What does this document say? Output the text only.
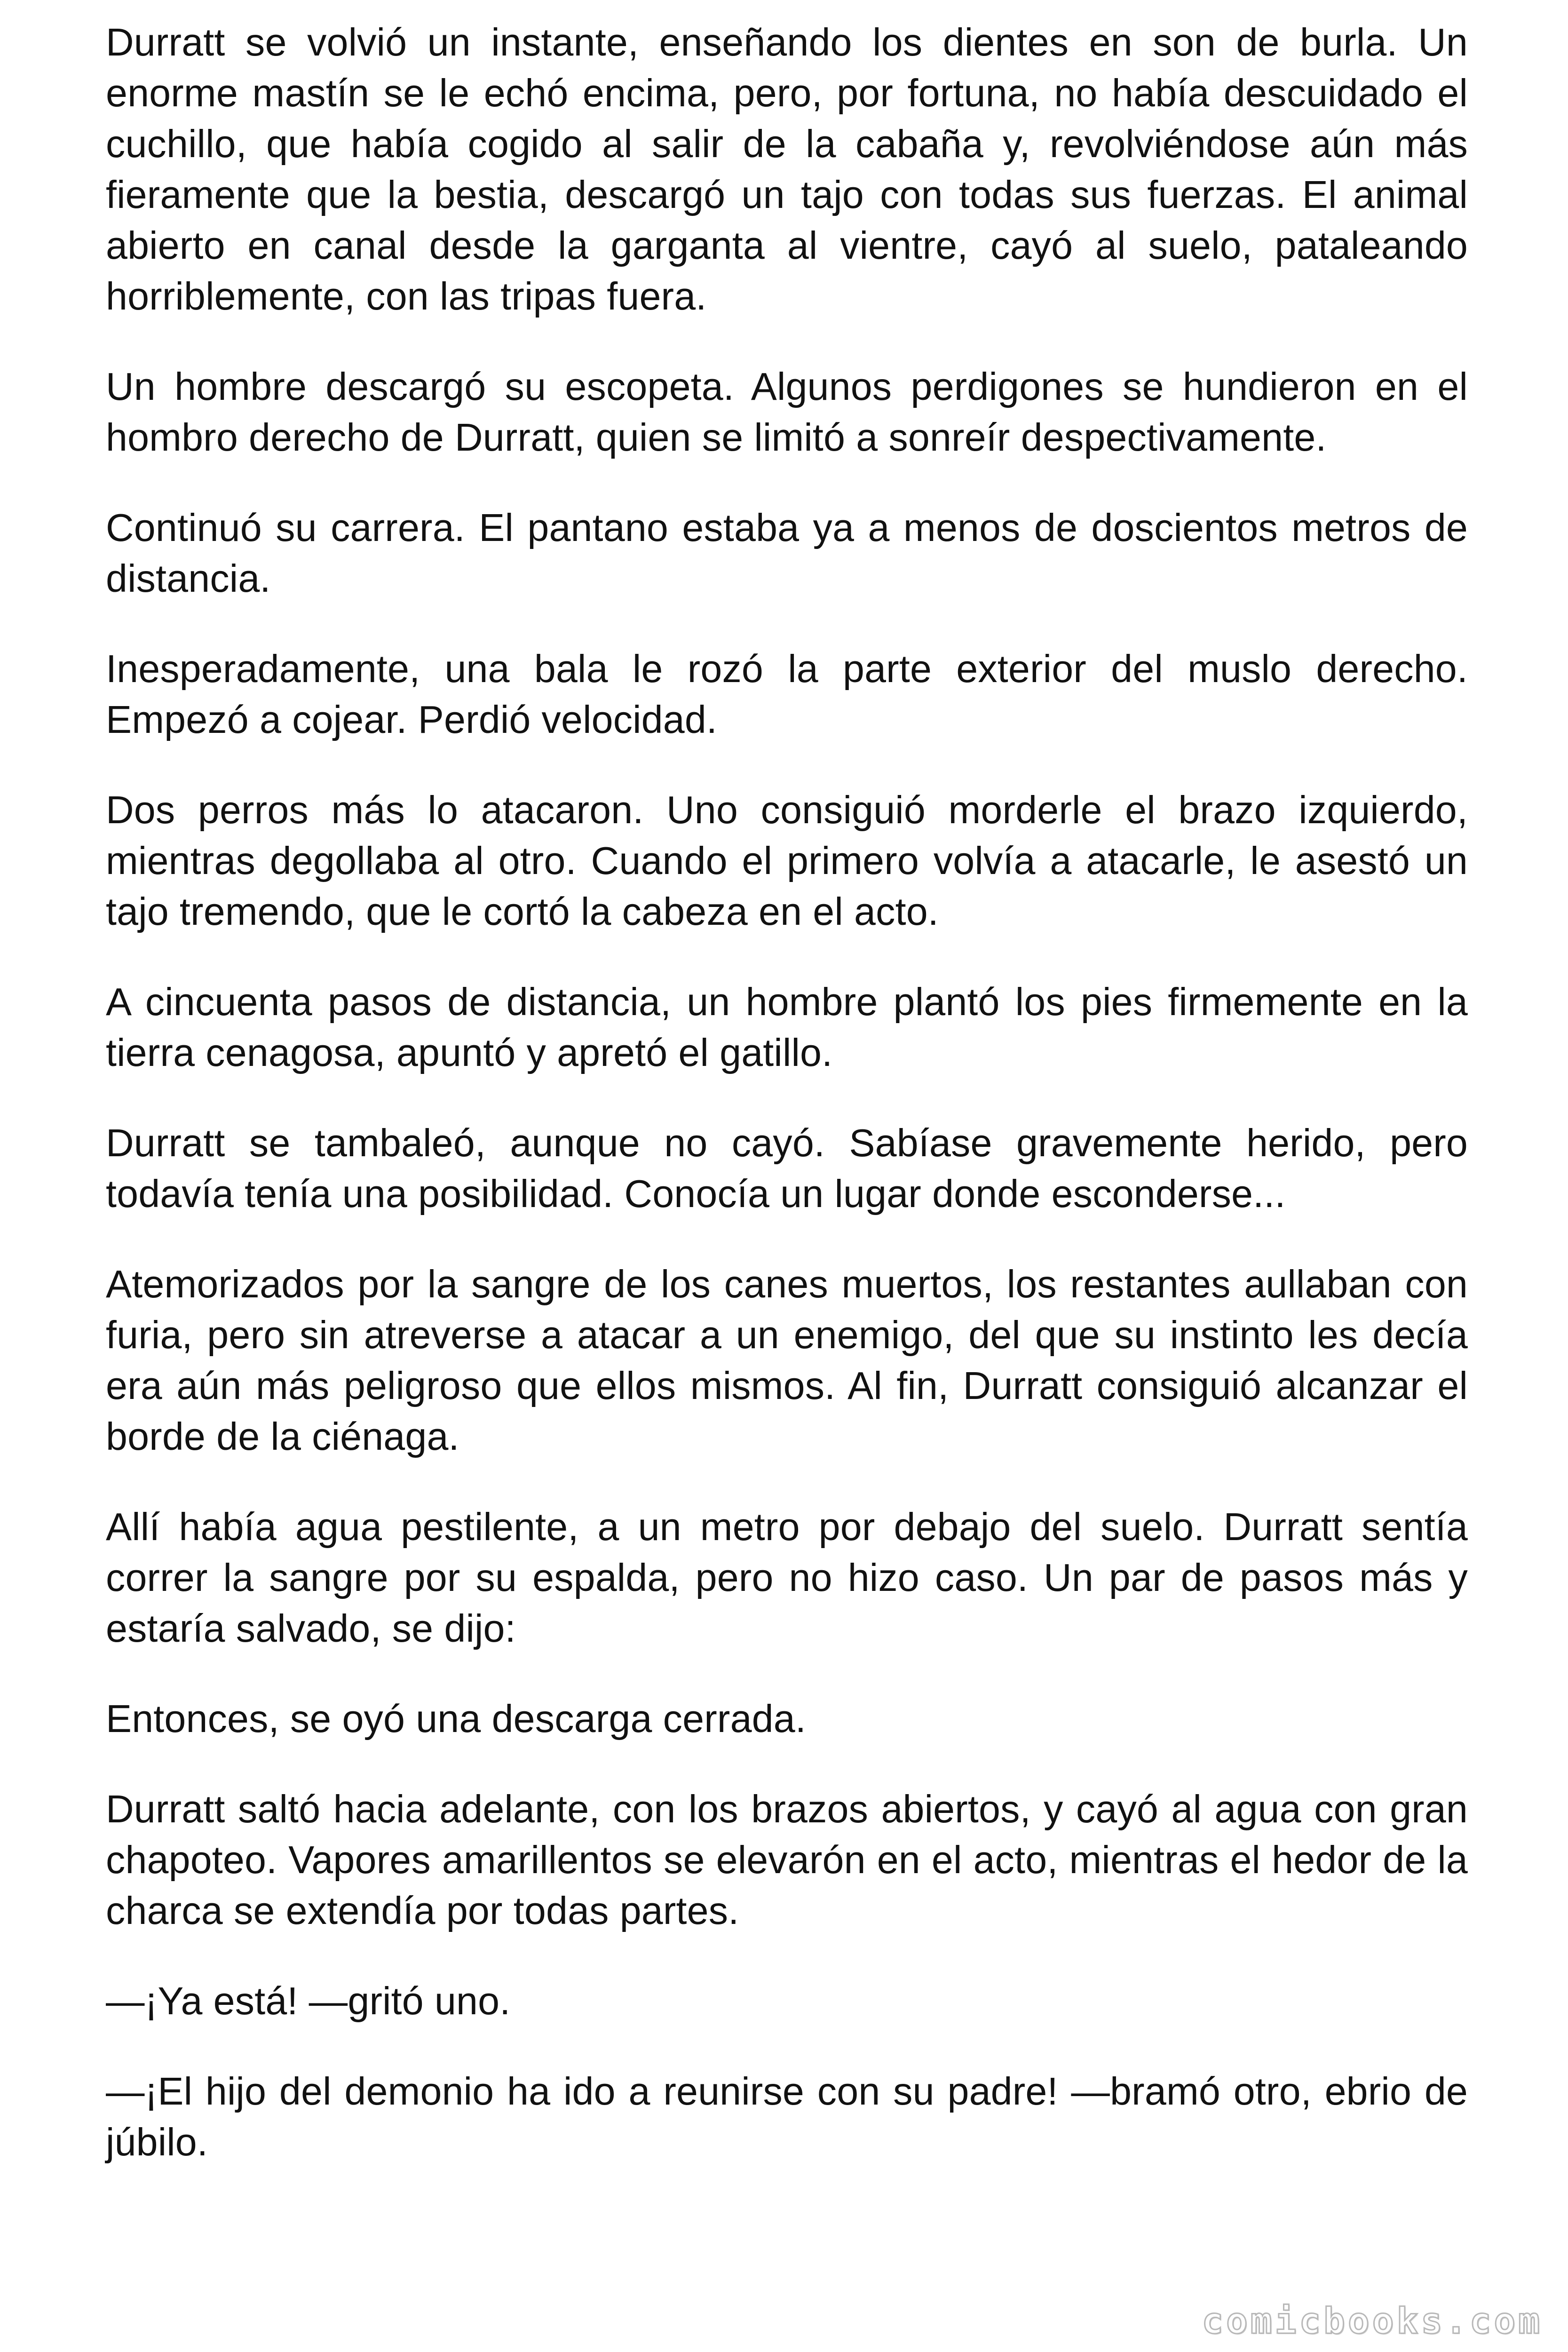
Durratt se volvió un instante, enseñando los dientes en son de burla. Un enorme mastín se le echó encima, pero, por fortuna, no había descuidado el cuchillo, que había cogido al salir de la cabaña y, revolviéndose aún más fieramente que la bestia, descargó un tajo con todas sus fuerzas. El animal abierto en canal desde la garganta al vientre, cayó al suelo, pataleando horriblemente, con las tripas fuera.

Un hombre descargó su escopeta. Algunos perdigones se hundieron en el hombro derecho de Durratt, quien se limitó a sonreír despectivamente.

Continuó su carrera. El pantano estaba ya a menos de doscientos metros de distancia.

Inesperadamente, una bala le rozó la parte exterior del muslo derecho. Empezó a cojear. Perdió velocidad.

Dos perros más lo atacaron. Uno consiguió morderle el brazo izquierdo, mientras degollaba al otro. Cuando el primero volvía a atacarle, le asestó un tajo tremendo, que le cortó la cabeza en el acto.

A cincuenta pasos de distancia, un hombre plantó los pies firmemente en la tierra cenagosa, apuntó y apretó el gatillo.

Durratt se tambaleó, aunque no cayó. Sabíase gravemente herido, pero todavía tenía una posibilidad. Conocía un lugar donde esconderse...

Atemorizados por la sangre de los canes muertos, los restantes aullaban con furia, pero sin atreverse a atacar a un enemigo, del que su instinto les decía era aún más peligroso que ellos mismos. Al fin, Durratt consiguió alcanzar el borde de la ciénaga.

Allí había agua pestilente, a un metro por debajo del suelo. Durratt sentía correr la sangre por su espalda, pero no hizo caso. Un par de pasos más y estaría salvado, se dijo:

Entonces, se oyó una descarga cerrada.

Durratt saltó hacia adelante, con los brazos abiertos, y cayó al agua con gran chapoteo. Vapores amarillentos se elevarón en el acto, mientras el hedor de la charca se extendía por todas partes.

—¡Ya está! —gritó uno.

—¡El hijo del demonio ha ido a reunirse con su padre! —bramó otro, ebrio de júbilo.

comicbooks.com
